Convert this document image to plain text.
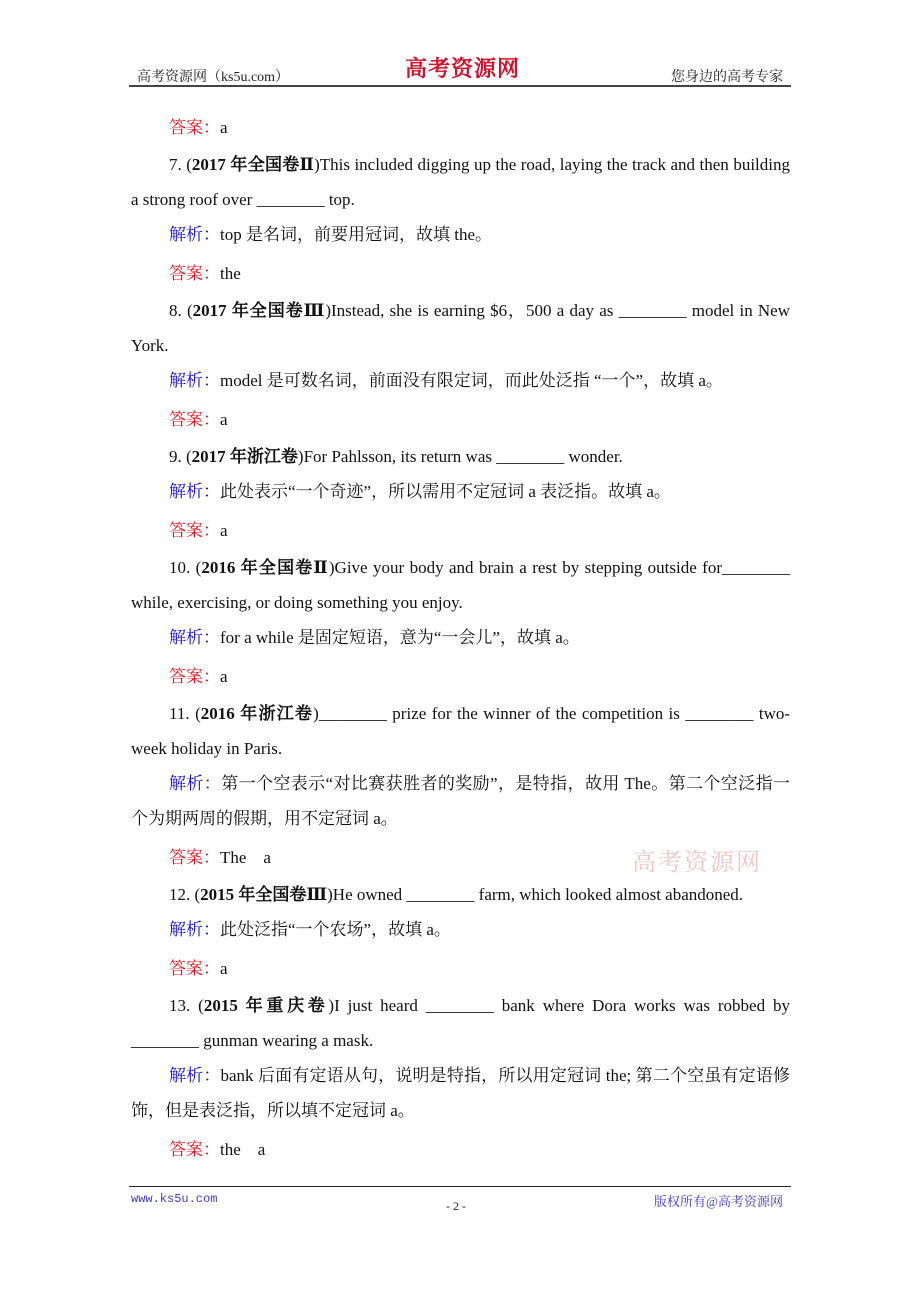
高考资源网（ks5u.com）	高考资源网	您身边的高考专家

答案：a

7. (2017 年全国卷Ⅱ)This included digging up the road, laying the track and then building a strong roof over ________ top.

解析：top 是名词，前要用冠词，故填 the。

答案：the

8. (2017 年全国卷Ⅲ)Instead, she is earning $6，500 a day as ________ model in New York.

解析：model 是可数名词，前面没有限定词，而此处泛指 “一个”，故填 a。

答案：a

9. (2017 年浙江卷)For Pahlsson, its return was ________ wonder.

解析：此处表示“一个奇迹”，所以需用不定冠词 a 表泛指。故填 a。

答案：a

10. (2016 年全国卷Ⅱ)Give your body and brain a rest by stepping outside for________ while, exercising, or doing something you enjoy.

解析：for a while 是固定短语，意为“一会儿”，故填 a。

答案：a

11. (2016 年浙江卷)________ prize for the winner of the competition is ________ two-week holiday in Paris.

解析：第一个空表示“对比赛获胜者的奖励”，是特指，故用 The。第二个空泛指一个为期两周的假期，用不定冠词 a。

答案：The　a

12. (2015 年全国卷Ⅲ)He owned ________ farm, which looked almost abandoned.

解析：此处泛指“一个农场”，故填 a。

答案：a

13. (2015 年重庆卷)I just heard ________ bank where Dora works was robbed by ________ gunman wearing a mask.

解析：bank 后面有定语从句，说明是特指，所以用定冠词 the; 第二个空虽有定语修饰，但是表泛指，所以填不定冠词 a。

答案：the　a

高考资源网
www.ks5u.com	- 2 -	版权所有@高考资源网
